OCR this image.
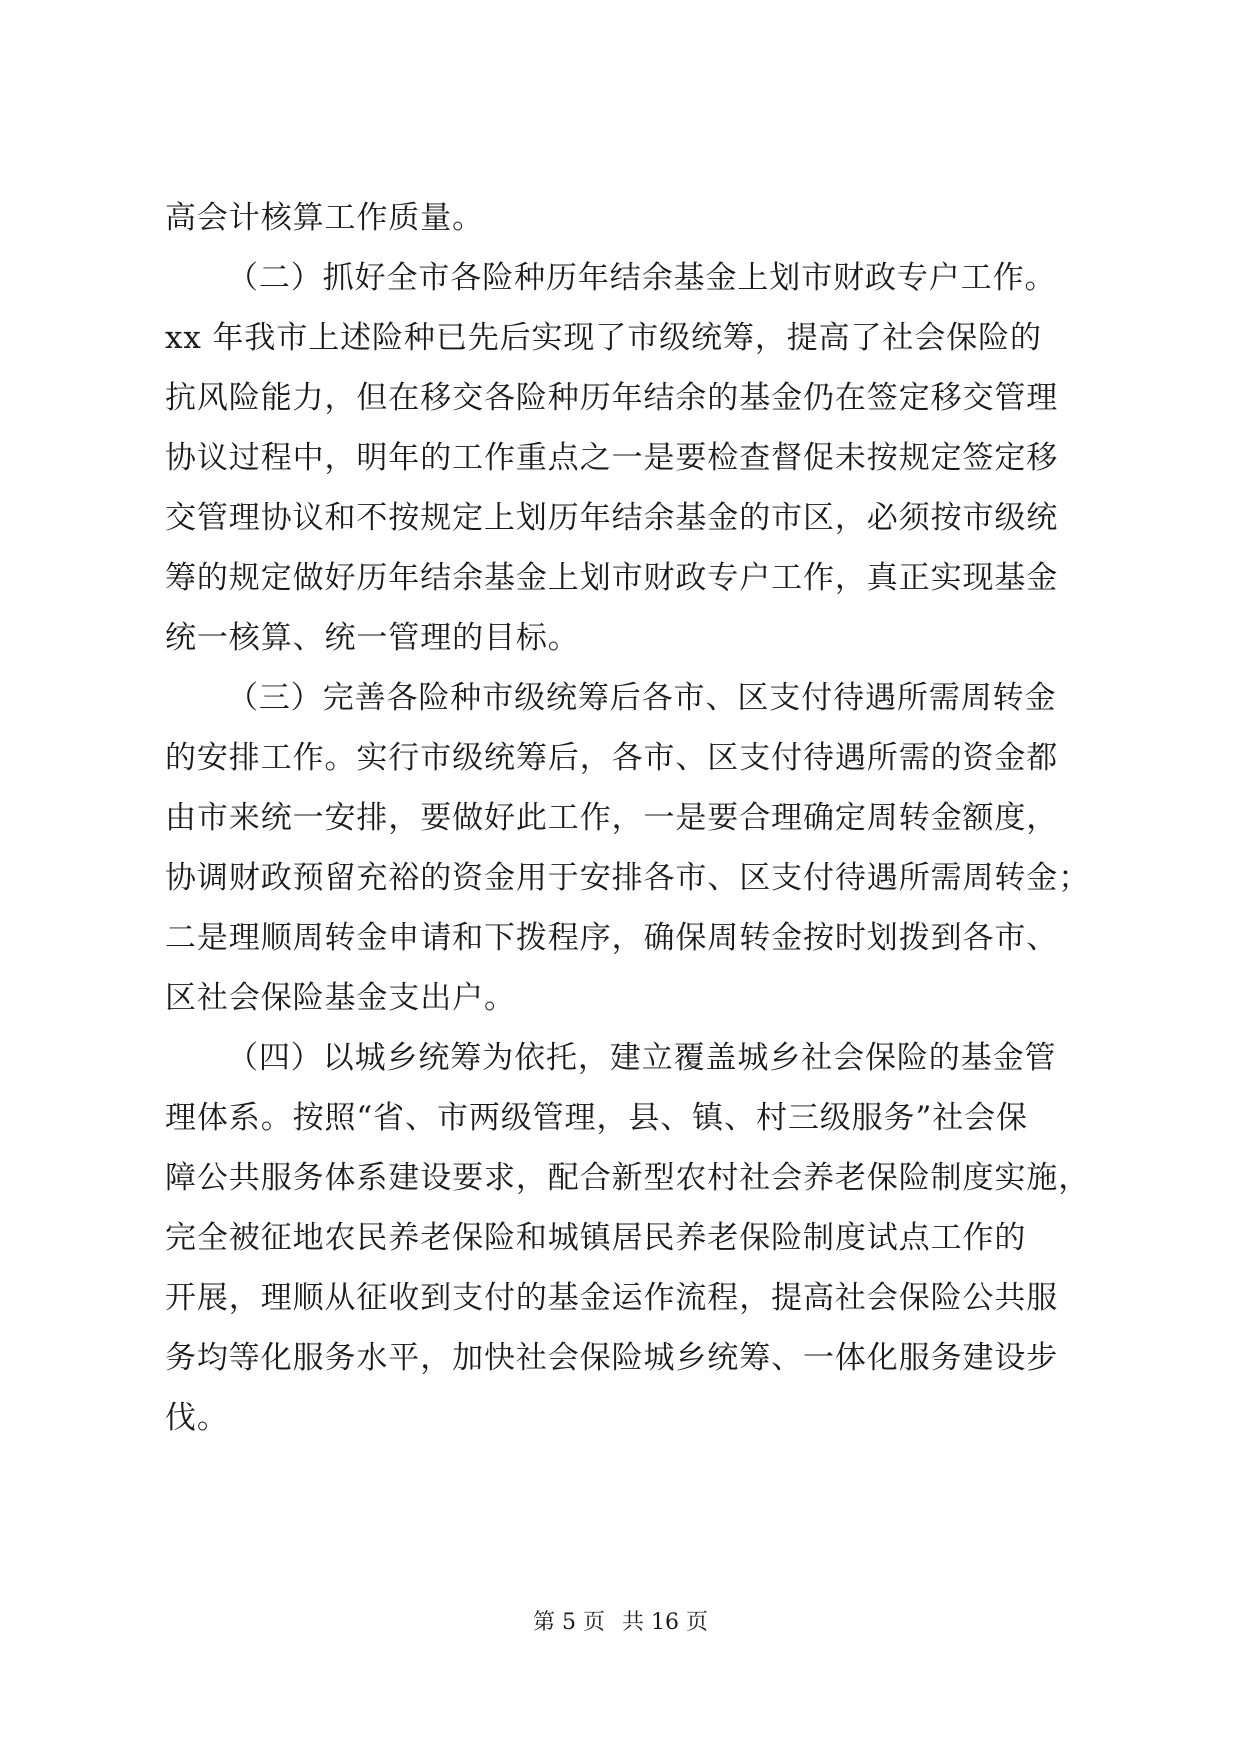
高会计核算工作质量。
（二）抓好全市各险种历年结余基金上划市财政专户工作。
xx 年我市上述险种已先后实现了市级统筹，提高了社会保险的
抗风险能力，但在移交各险种历年结余的基金仍在签定移交管理
协议过程中，明年的工作重点之一是要检查督促未按规定签定移
交管理协议和不按规定上划历年结余基金的市区，必须按市级统
筹的规定做好历年结余基金上划市财政专户工作，真正实现基金
统一核算、统一管理的目标。
（三）完善各险种市级统筹后各市、区支付待遇所需周转金
的安排工作。实行市级统筹后，各市、区支付待遇所需的资金都
由市来统一安排，要做好此工作，一是要合理确定周转金额度，
协调财政预留充裕的资金用于安排各市、区支付待遇所需周转金；
二是理顺周转金申请和下拨程序，确保周转金按时划拨到各市、
区社会保险基金支出户。
（四）以城乡统筹为依托，建立覆盖城乡社会保险的基金管
理体系。按照“省、市两级管理，县、镇、村三级服务”社会保
障公共服务体系建设要求，配合新型农村社会养老保险制度实施，
完全被征地农民养老保险和城镇居民养老保险制度试点工作的
开展，理顺从征收到支付的基金运作流程，提高社会保险公共服
务均等化服务水平，加快社会保险城乡统筹、一体化服务建设步
伐。
第 5 页 共 16 页
